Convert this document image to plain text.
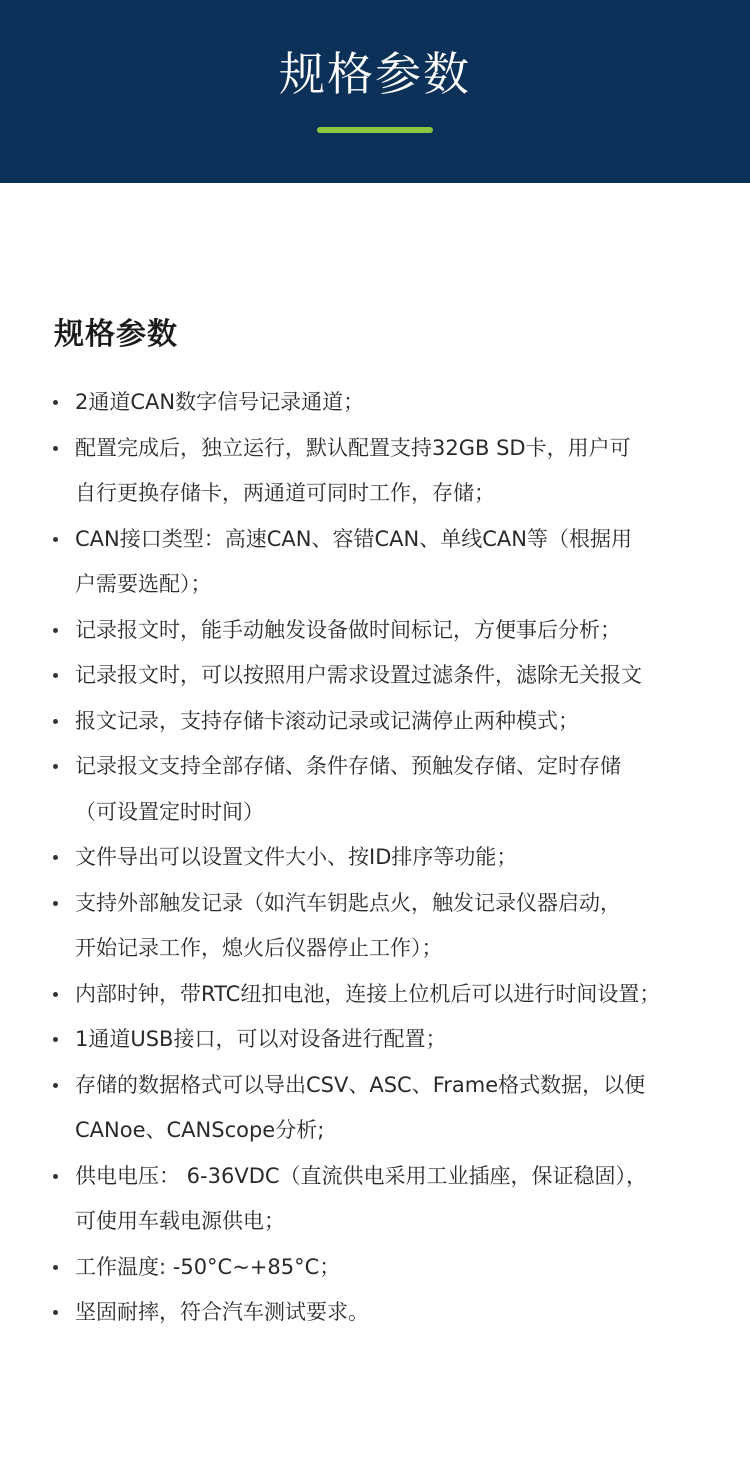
规格参数
规格参数
2通道CAN数字信号记录通道；
配置完成后，独立运行，默认配置支持32GB SD卡，用户可
自行更换存储卡，两通道可同时工作，存储；
CAN接口类型：高速CAN、容错CAN、单线CAN等（根据用
户需要选配）；
记录报文时，能手动触发设备做时间标记，方便事后分析；
记录报文时，可以按照用户需求设置过滤条件，滤除无关报文
报文记录，支持存储卡滚动记录或记满停止两种模式；
记录报文支持全部存储、条件存储、预触发存储、定时存储
（可设置定时时间）
文件导出可以设置文件大小、按ID排序等功能；
支持外部触发记录（如汽车钥匙点火，触发记录仪器启动，
开始记录工作，熄火后仪器停止工作）；
内部时钟，带RTC纽扣电池，连接上位机后可以进行时间设置；
1通道USB接口，可以对设备进行配置；
存储的数据格式可以导出CSV、ASC、Frame格式数据，以便
CANoe、CANScope分析;
供电电压： 6-36VDC（直流供电采用工业插座，保证稳固），
可使用车载电源供电；
工作温度: -50°C~+85°C；
坚固耐摔，符合汽车测试要求。
